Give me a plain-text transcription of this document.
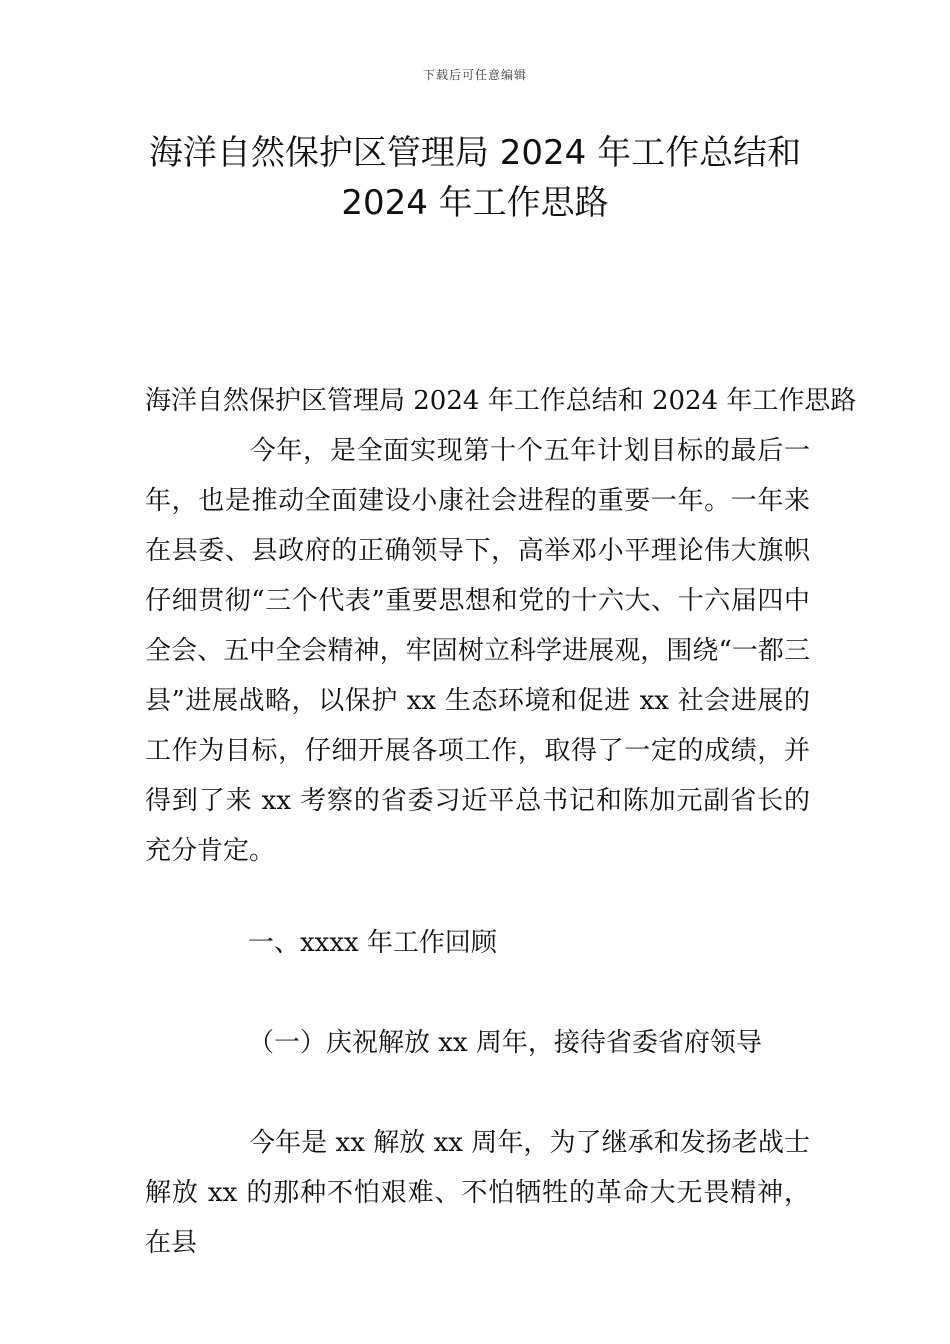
下载后可任意编辑
海洋自然保护区管理局 2024 年工作总结和
2024 年工作思路
海洋自然保护区管理局 2024 年工作总结和 2024 年工作思路
今年，是全面实现第十个五年计划目标的最后一年，也是推动全面建设小康社会进程的重要一年。一年来在县委、县政府的正确领导下，高举邓小平理论伟大旗帜仔细贯彻“三个代表”重要思想和党的十六大、十六届四中全会、五中全会精神，牢固树立科学进展观，围绕“一都三县”进展战略，以保护 xx 生态环境和促进 xx 社会进展的工作为目标，仔细开展各项工作，取得了一定的成绩，并得到了来 xx 考察的省委习近平总书记和陈加元副省长的充分肯定。
一、xxxx 年工作回顾
（一）庆祝解放 xx 周年，接待省委省府领导
今年是 xx 解放 xx 周年，为了继承和发扬老战士解放 xx 的那种不怕艰难、不怕牺牲的革命大无畏精神，在县
